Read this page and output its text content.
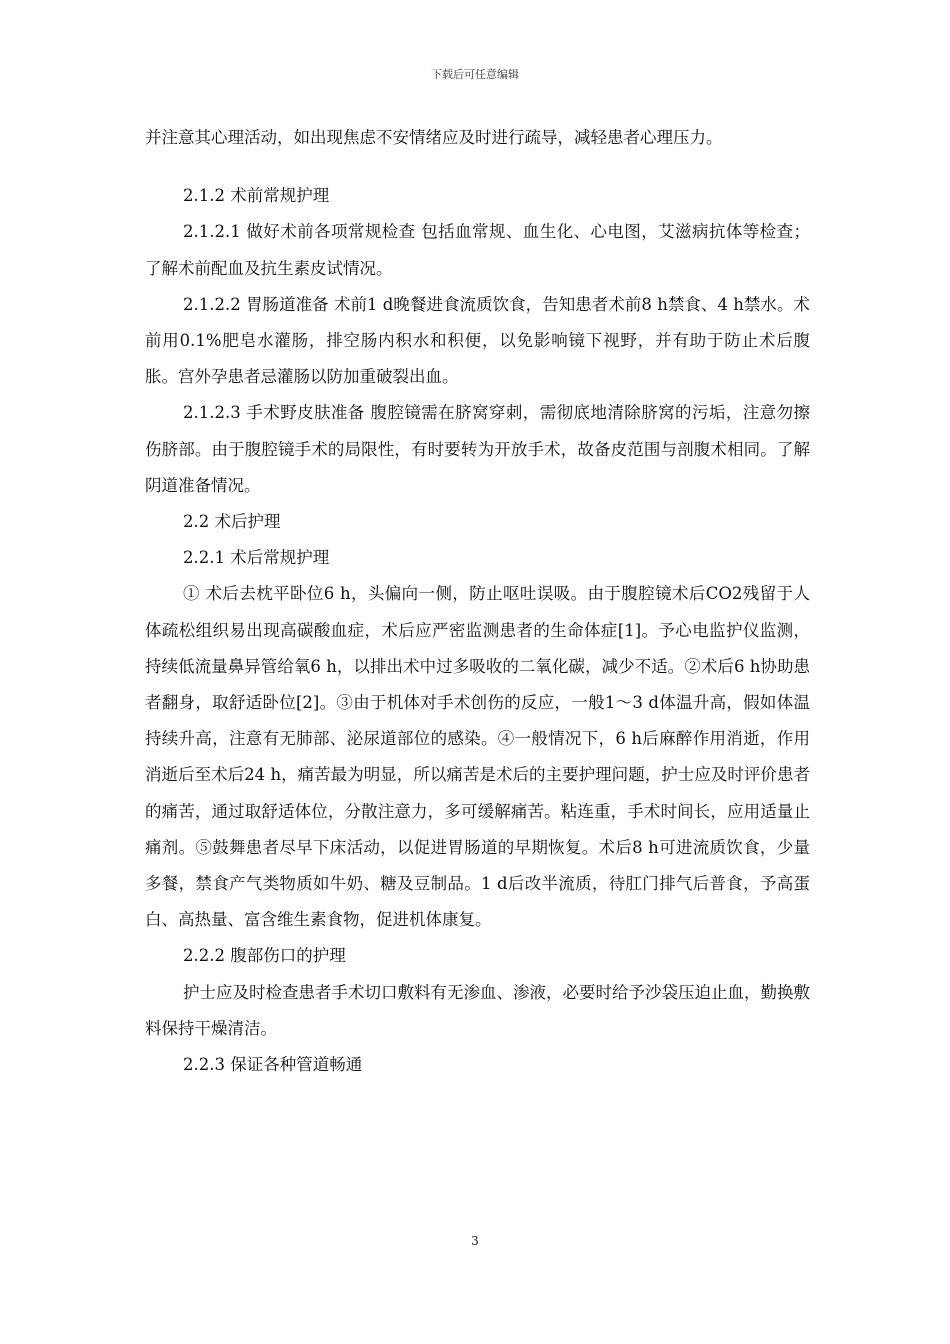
下载后可任意编辑

并注意其心理活动，如出现焦虑不安情绪应及时进行疏导，减轻患者心理压力。

2.1.2 术前常规护理

2.1.2.1 做好术前各项常规检查 包括血常规、血生化、心电图，艾滋病抗体等检查；了解术前配血及抗生素皮试情况。

2.1.2.2 胃肠道准备 术前1 d晚餐进食流质饮食，告知患者术前8 h禁食、4 h禁水。术前用0.1%肥皂水灌肠，排空肠内积水和积便，以免影响镜下视野，并有助于防止术后腹胀。宫外孕患者忌灌肠以防加重破裂出血。

2.1.2.3 手术野皮肤准备 腹腔镜需在脐窝穿刺，需彻底地清除脐窝的污垢，注意勿擦伤脐部。由于腹腔镜手术的局限性，有时要转为开放手术，故备皮范围与剖腹术相同。了解阴道准备情况。

2.2 术后护理

2.2.1 术后常规护理

① 术后去枕平卧位6 h，头偏向一侧，防止呕吐误吸。由于腹腔镜术后CO2残留于人体疏松组织易出现高碳酸血症，术后应严密监测患者的生命体症[1]。予心电监护仪监测，持续低流量鼻异管给氧6 h，以排出术中过多吸收的二氧化碳，减少不适。②术后6 h协助患者翻身，取舒适卧位[2]。③由于机体对手术创伤的反应，一般1～3 d体温升高，假如体温持续升高，注意有无肺部、泌尿道部位的感染。④一般情况下，6 h后麻醉作用消逝，作用消逝后至术后24 h，痛苦最为明显，所以痛苦是术后的主要护理问题，护士应及时评价患者的痛苦，通过取舒适体位，分散注意力，多可缓解痛苦。粘连重，手术时间长，应用适量止痛剂。⑤鼓舞患者尽早下床活动，以促进胃肠道的早期恢复。术后8 h可进流质饮食，少量多餐，禁食产气类物质如牛奶、糖及豆制品。1 d后改半流质，待肛门排气后普食，予高蛋白、高热量、富含维生素食物，促进机体康复。

2.2.2 腹部伤口的护理

护士应及时检查患者手术切口敷料有无渗血、渗液，必要时给予沙袋压迫止血，勤换敷料保持干燥清洁。

2.2.3 保证各种管道畅通

3
